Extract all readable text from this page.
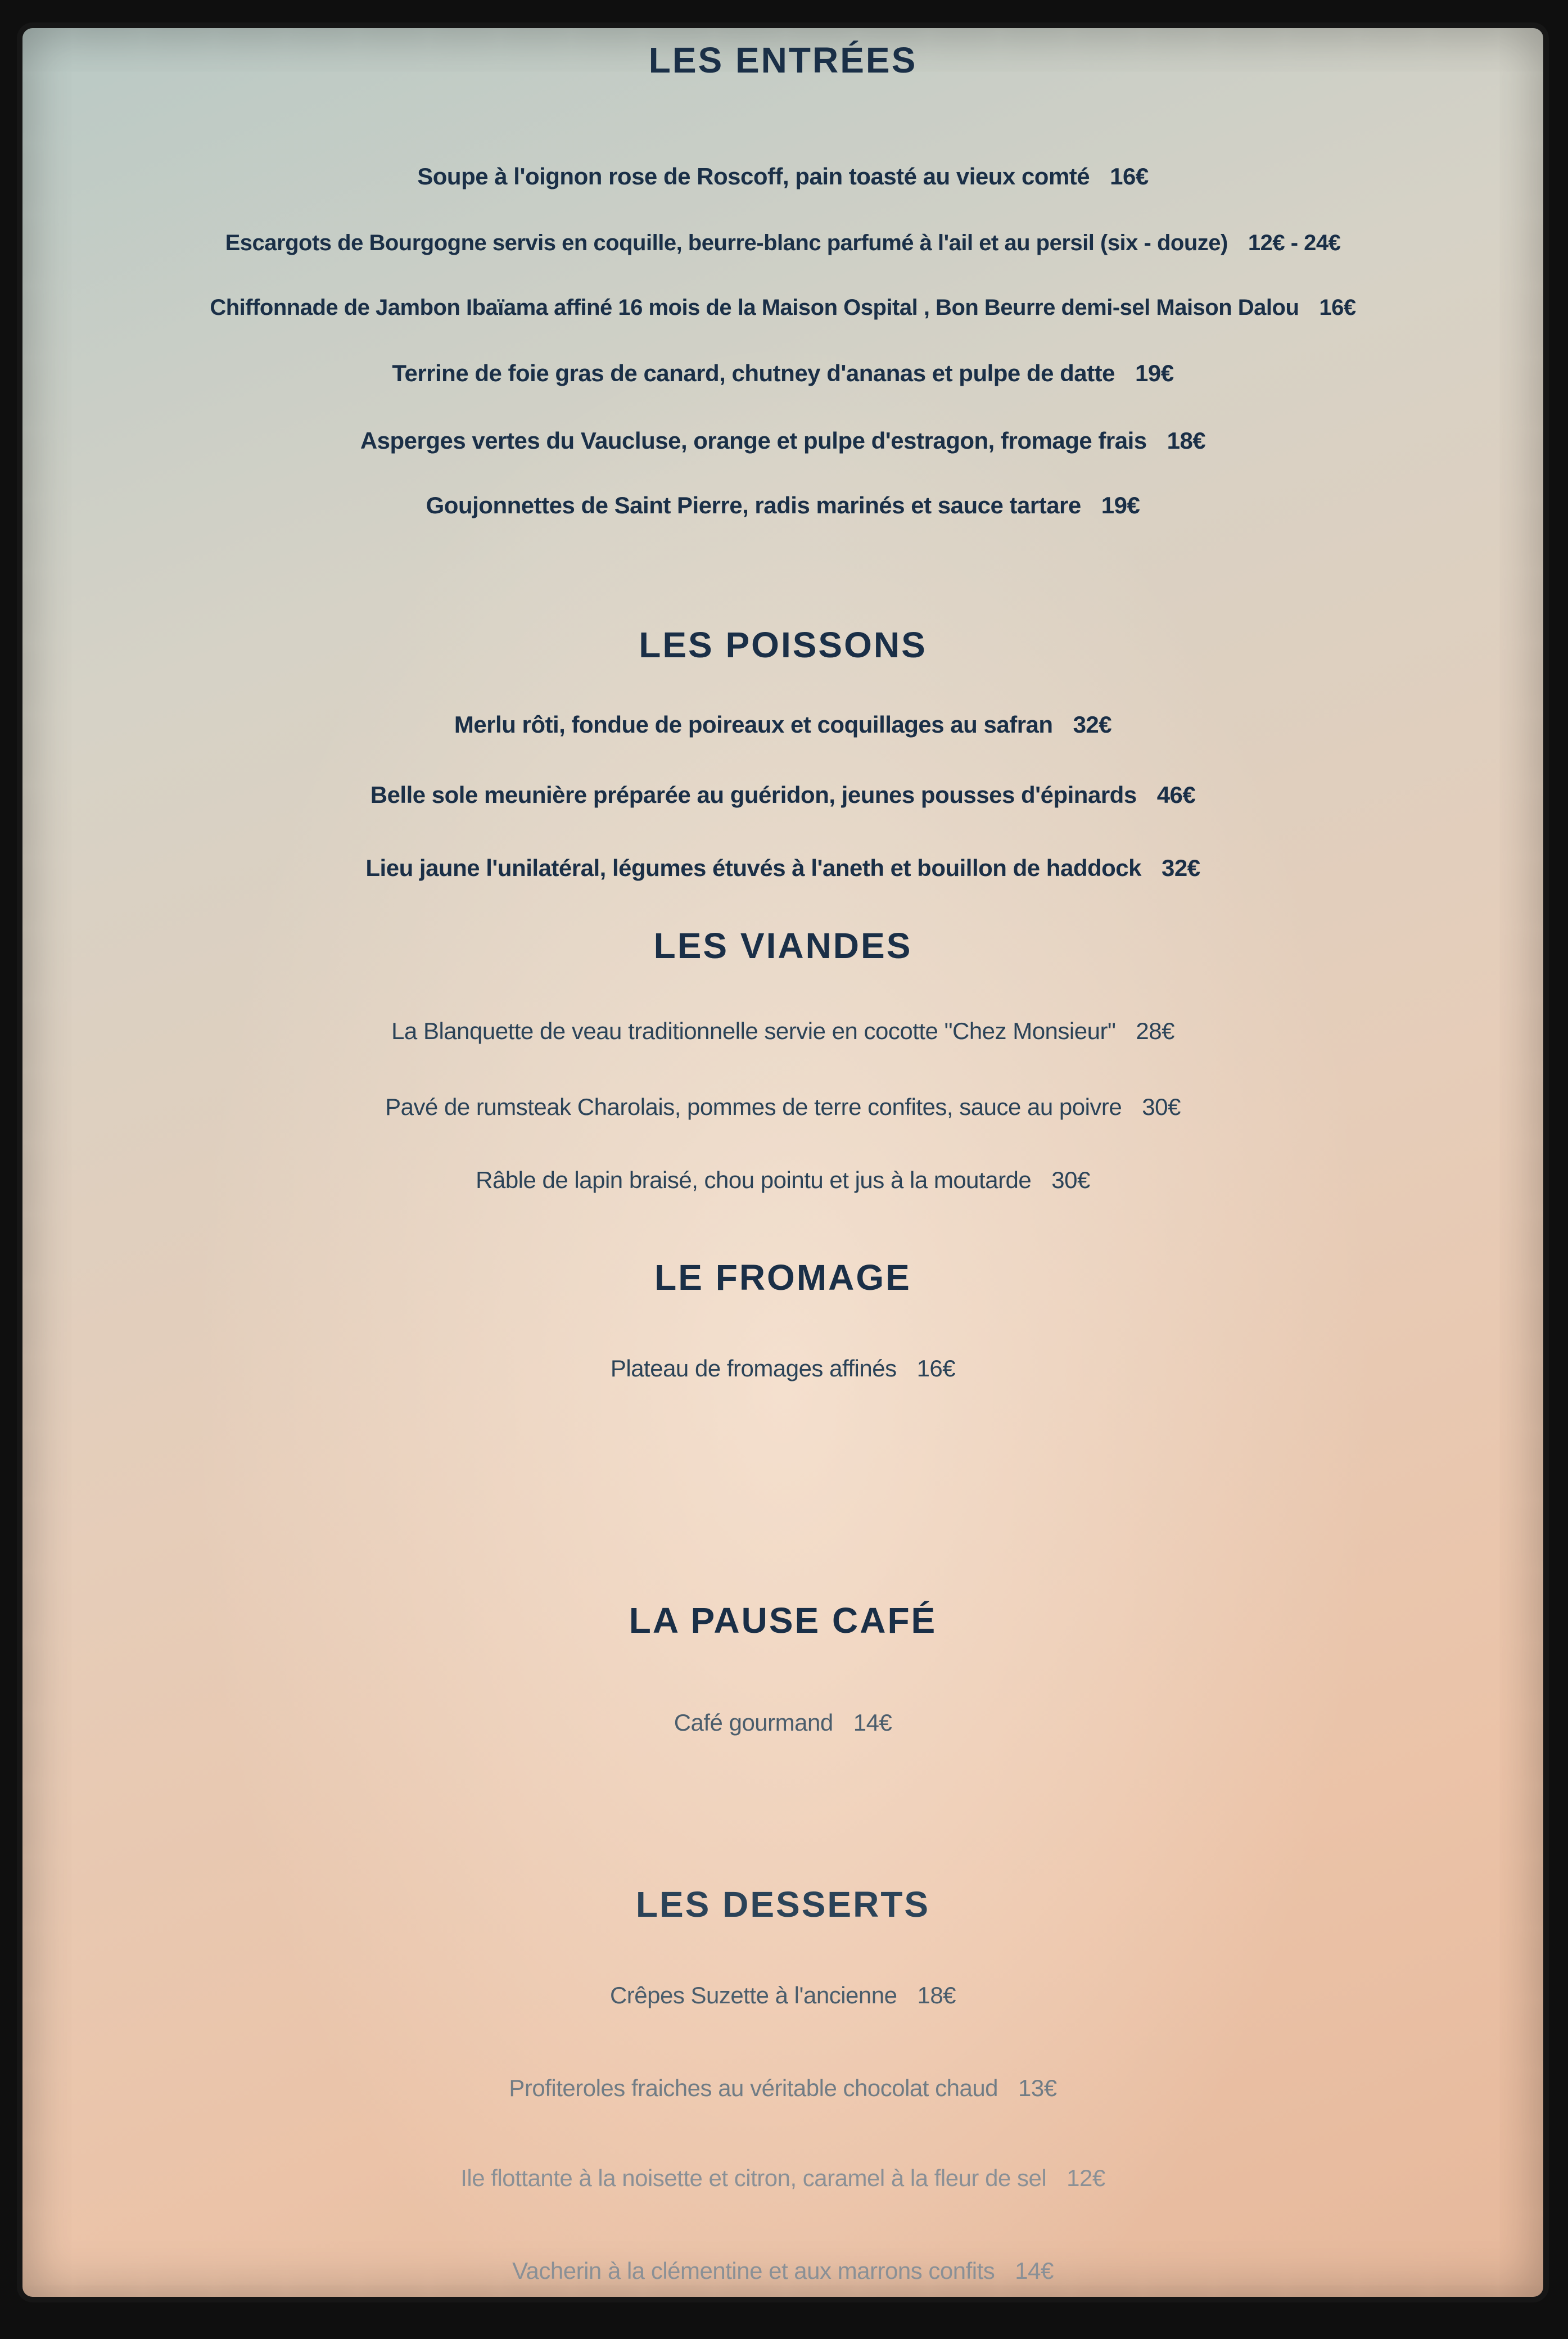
LES ENTRÉES
Soupe à l'oignon rose de Roscoff, pain toasté au vieux comté 16€
Escargots de Bourgogne servis en coquille, beurre-blanc parfumé à l'ail et au persil (six - douze) 12€ - 24€
Chiffonnade de Jambon Ibaïama affiné 16 mois de la Maison Ospital , Bon Beurre demi-sel Maison Dalou 16€
Terrine de foie gras de canard, chutney d'ananas et pulpe de datte 19€
Asperges vertes du Vaucluse, orange et pulpe d'estragon, fromage frais 18€
Goujonnettes de Saint Pierre, radis marinés et sauce tartare 19€
LES POISSONS
Merlu rôti, fondue de poireaux et coquillages au safran 32€
Belle sole meunière préparée au guéridon, jeunes pousses d'épinards 46€
Lieu jaune l'unilatéral, légumes étuvés à l'aneth et bouillon de haddock 32€
LES VIANDES
La Blanquette de veau traditionnelle servie en cocotte "Chez Monsieur" 28€
Pavé de rumsteak Charolais, pommes de terre confites, sauce au poivre 30€
Râble de lapin braisé, chou pointu et jus à la moutarde 30€
LE FROMAGE
Plateau de fromages affinés 16€
LA PAUSE CAFÉ
Café gourmand 14€
LES DESSERTS
Crêpes Suzette à l'ancienne 18€
Profiteroles fraiches au véritable chocolat chaud 13€
Ile flottante à la noisette et citron, caramel à la fleur de sel 12€
Vacherin à la clémentine et aux marrons confits 14€
